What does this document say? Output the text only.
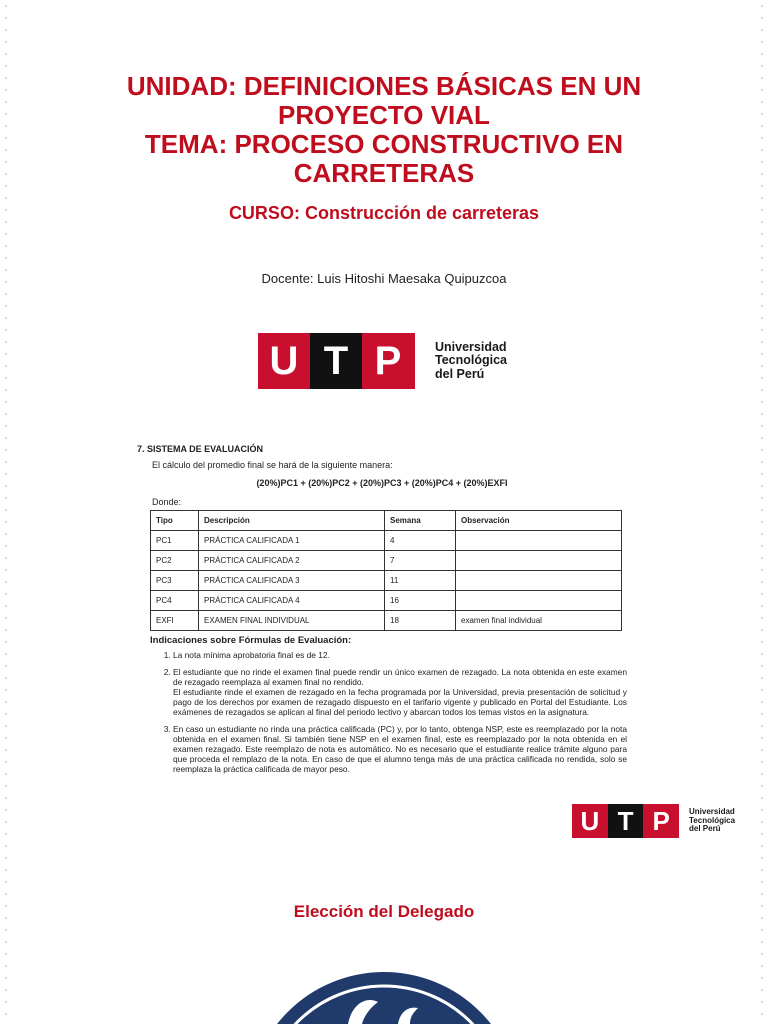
UNIDAD: DEFINICIONES BÁSICAS EN UN
PROYECTO VIAL
TEMA: PROCESO CONSTRUCTIVO EN
CARRETERAS
CURSO: Construcción de carreteras
Docente: Luis Hitoshi Maesaka Quipuzcoa
U T P	Universidad
Tecnológica
del Perú
7. SISTEMA DE EVALUACIÓN
El cálculo del promedio final se hará de la siguiente manera:
(20%)PC1 + (20%)PC2 + (20%)PC3 + (20%)PC4 + (20%)EXFI
Donde:
Tipo	Descripción	Semana	Observación
PC1	PRÁCTICA CALIFICADA 1	4	
PC2	PRÁCTICA CALIFICADA 2	7	
PC3	PRÁCTICA CALIFICADA 3	11	
PC4	PRÁCTICA CALIFICADA 4	16	
EXFI	EXAMEN FINAL INDIVIDUAL	18	examen final individual
Indicaciones sobre Fórmulas de Evaluación:

1. La nota mínima aprobatoria final es de 12.

2. El estudiante que no rinde el examen final puede rendir un único examen de rezagado. La nota obtenida en este examen de rezagado reemplaza al examen final no rendido.

El estudiante rinde el examen de rezagado en la fecha programada por la Universidad, previa presentación de solicitud y pago de los derechos por examen de rezagado dispuesto en el tarifario vigente y publicado en Portal del Estudiante. Los exámenes de rezagados se aplican al final del periodo lectivo y abarcan todos los temas vistos en la asignatura.

3. En caso un estudiante no rinda una práctica calificada (PC) y, por lo tanto, obtenga NSP, este es reemplazado por la nota obtenida en el examen final. Si también tiene NSP en el examen final, este es reemplazado por la nota obtenida en el examen rezagado. Este reemplazo de nota es automático. No es necesario que el estudiante realice trámite alguno para que proceda el remplazo de la nota. En caso de que el alumno tenga más de una práctica calificada no rendida, solo se reemplaza la práctica calificada de mayor peso.

U T P	Universidad
Tecnológica
del Perú
Elección del Delegado
